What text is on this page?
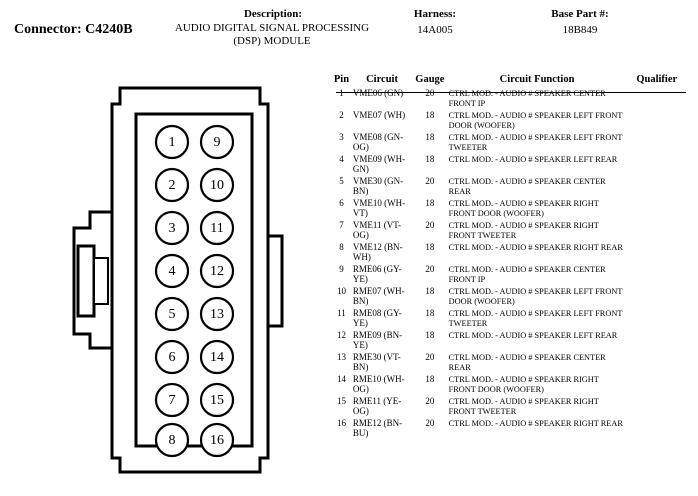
Connector: C4240B
Description:
AUDIO DIGITAL SIGNAL PROCESSING (DSP) MODULE
Harness:
14A005
Base Part #:
18B849
1
2
3
4
5
6
7
8
9
10
11
12
13
14
15
16
Pin	Circuit	Gauge	Circuit Function	Qualifier
1	VME06 (GN)	20	CTRL MOD. - AUDIO # SPEAKER CENTER FRONT IP	
2	VME07 (WH)	18	CTRL MOD. - AUDIO # SPEAKER LEFT FRONT DOOR (WOOFER)	
3	VME08 (GN-OG)	18	CTRL MOD. - AUDIO # SPEAKER LEFT FRONT TWEETER	
4	VME09 (WH-GN)	18	CTRL MOD. - AUDIO # SPEAKER LEFT REAR	
5	VME30 (GN-BN)	20	CTRL MOD. - AUDIO # SPEAKER CENTER REAR	
6	VME10 (WH-VT)	18	CTRL MOD. - AUDIO # SPEAKER RIGHT FRONT DOOR (WOOFER)	
7	VME11 (VT-OG)	20	CTRL MOD. - AUDIO # SPEAKER RIGHT FRONT TWEETER	
8	VME12 (BN-WH)	18	CTRL MOD. - AUDIO # SPEAKER RIGHT REAR	
9	RME06 (GY-YE)	20	CTRL MOD. - AUDIO # SPEAKER CENTER FRONT IP	
10	RME07 (WH-BN)	18	CTRL MOD. - AUDIO # SPEAKER LEFT FRONT DOOR (WOOFER)	
11	RME08 (GY-YE)	18	CTRL MOD. - AUDIO # SPEAKER LEFT FRONT TWEETER	
12	RME09 (BN-YE)	18	CTRL MOD. - AUDIO # SPEAKER LEFT REAR	
13	RME30 (VT-BN)	20	CTRL MOD. - AUDIO # SPEAKER CENTER REAR	
14	RME10 (WH-OG)	18	CTRL MOD. - AUDIO # SPEAKER RIGHT FRONT DOOR (WOOFER)	
15	RME11 (YE-OG)	20	CTRL MOD. - AUDIO # SPEAKER RIGHT FRONT TWEETER	
16	RME12 (BN-BU)	20	CTRL MOD. - AUDIO # SPEAKER RIGHT REAR	
